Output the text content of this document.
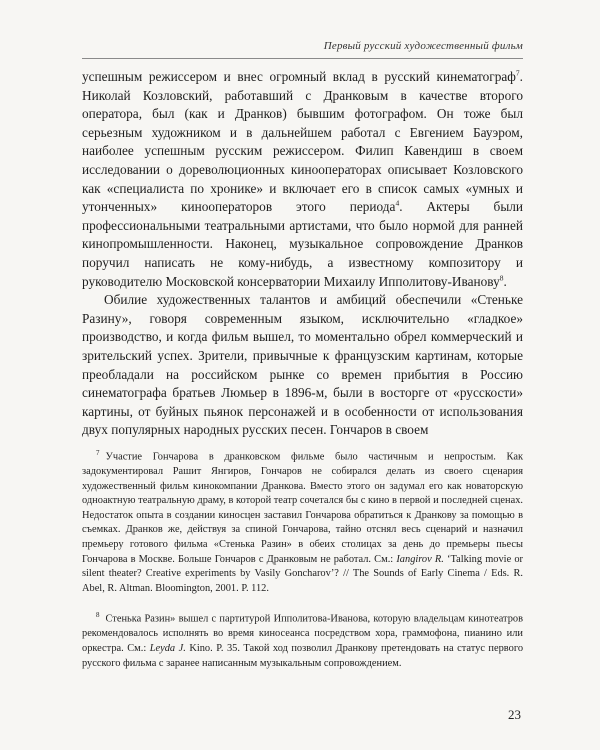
Первый русский художественный фильм

успешным режиссером и внес огромный вклад в русский кинематограф$^7$. Николай Козловский, работавший с Дранковым в качестве второго оператора, был (как и Дранков) бывшим фотографом. Он тоже был серьезным художником и в дальнейшем работал с Евгением Бауэром, наиболее успешным русским режиссером. Филип Кавендиш в своем исследовании о дореволюционных кинооператорах описывает Козловского как «специалиста по хронике» и включает его в список самых «умных и утонченных» кинооператоров этого периода$^4$. Актеры были профессиональными театральными артистами, что было нормой для ранней кинопромышленности. Наконец, музыкальное сопровождение Дранков поручил написать не кому-нибудь, а известному композитору и руководителю Московской консерватории Михаилу Ипполитову-Иванову$^8$.

Обилие художественных талантов и амбиций обеспечили «Стеньке Разину», говоря современным языком, исключительно «гладкое» производство, и когда фильм вышел, то моментально обрел коммерческий и зрительский успех. Зрители, привычные к французским картинам, которые преобладали на российском рынке со времен прибытия в Россию синематографа братьев Люмьер в 1896-м, были в восторге от «русскости» картины, от буйных пьянок персонажей и в особенности от использования двух популярных народных русских песен. Гончаров в своем

$^7$ Участие Гончарова в дранковском фильме было частичным и непростым. Как задокументировал Рашит Янгиров, Гончаров не собирался делать из своего сценария художественный фильм кинокомпании Дранкова. Вместо этого он задумал его как новаторскую одноактную театральную драму, в которой театр сочетался бы с кино в первой и последней сценах. Недостаток опыта в создании киносцен заставил Гончарова обратиться к Дранкову за помощью в съемках. Дранков же, действуя за спиной Гончарова, тайно отснял весь сценарий и назначил премьеру готового фильма «Стенька Разин» в обеих столицах за день до премьеры пьесы Гончарова в Москве. Больше Гончаров с Дранковым не работал. См.: Iangirov R. ‘Talking movie or silent theater? Creative experiments by Vasily Goncharov’? // The Sounds of Early Cinema / Eds. R. Abel, R. Altman. Bloomington, 2001. P. 112.

$^8$ Стенька Разин» вышел с партитурой Ипполитова-Иванова, которую владельцам кинотеатров рекомендовалось исполнять во время киносеанса посредством хора, граммофона, пианино или оркестра. См.: Leyda J. Kino. P. 35. Такой ход позволил Дранкову претендовать на статус первого русского фильма с заранее написанным музыкальным сопровождением.

23
